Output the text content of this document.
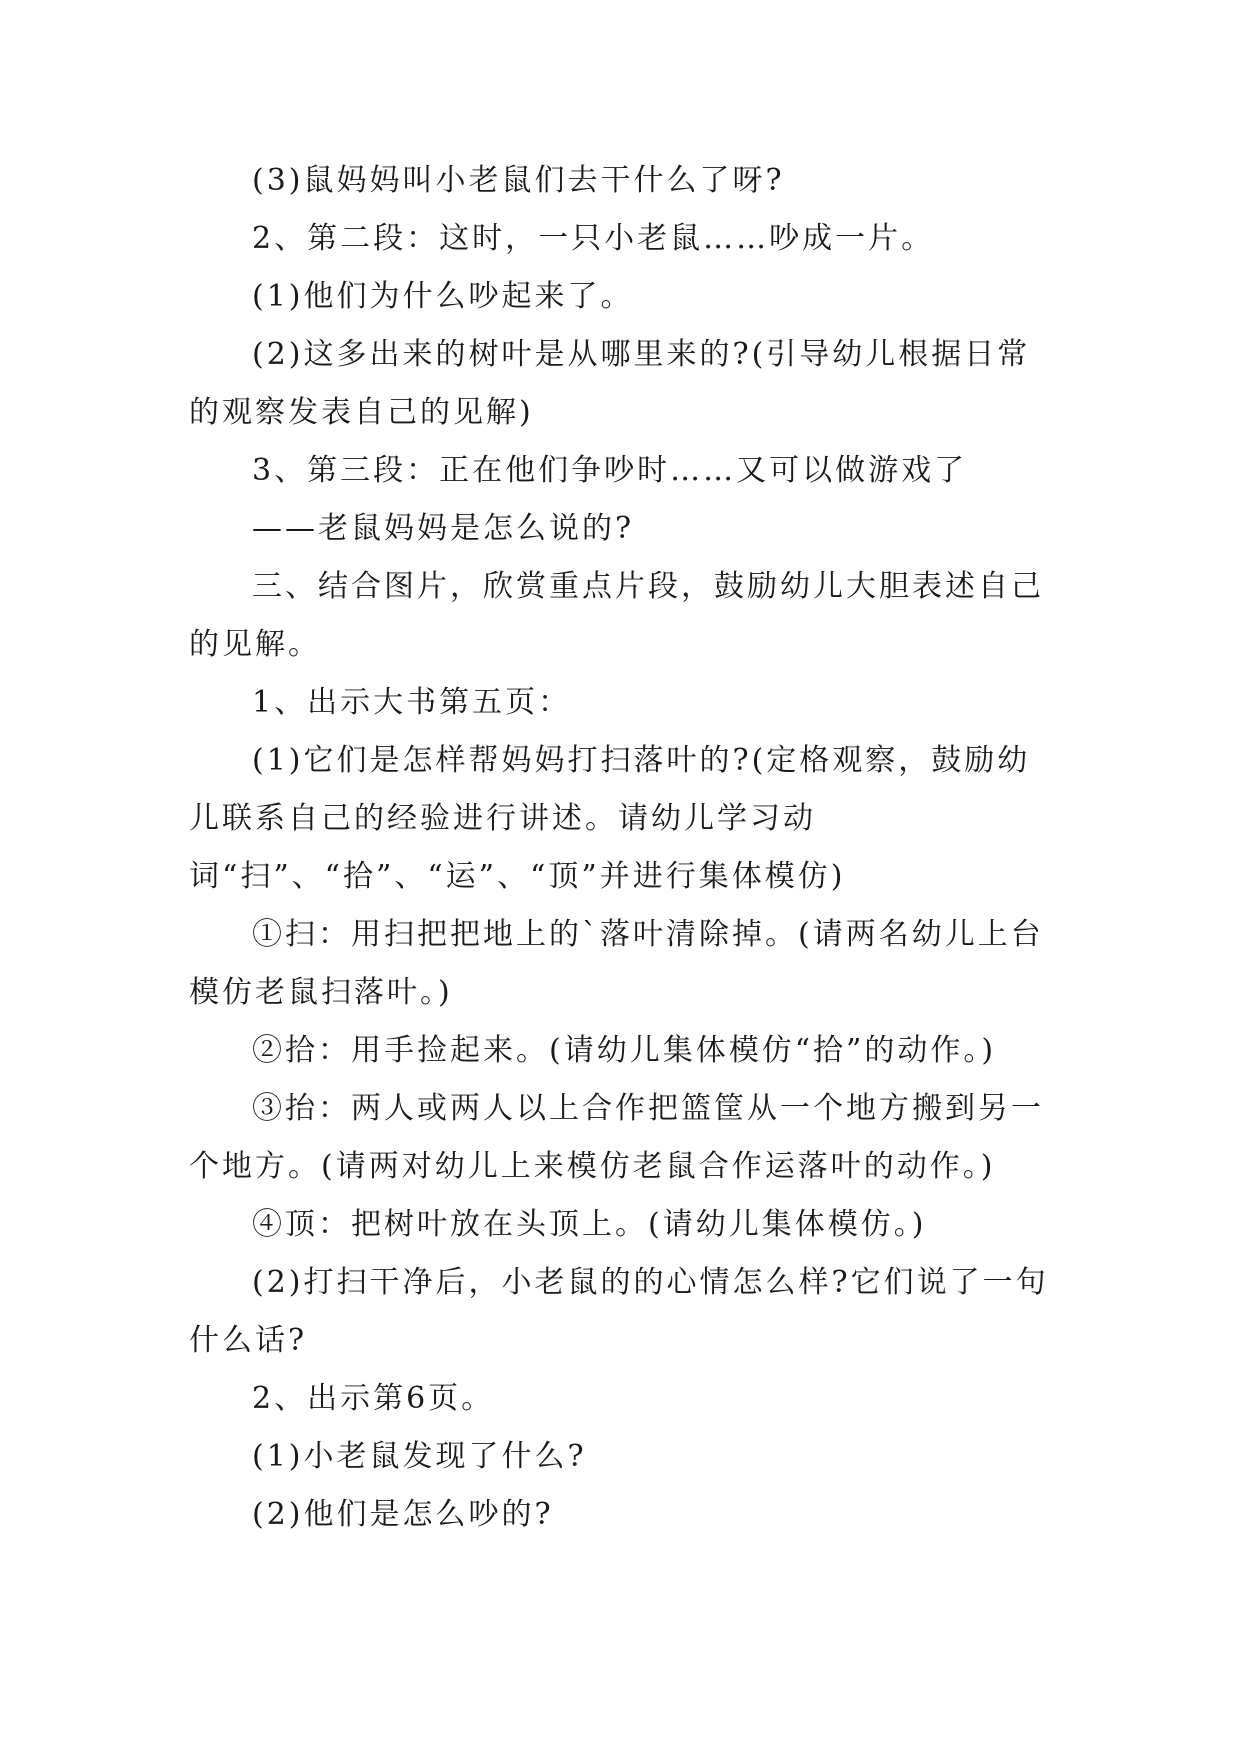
(3)鼠妈妈叫小老鼠们去干什么了呀?

2、第二段：这时，一只小老鼠……吵成一片。

(1)他们为什么吵起来了。

(2)这多出来的树叶是从哪里来的?(引导幼儿根据日常的观察发表自己的见解)

3、第三段：正在他们争吵时……又可以做游戏了

——老鼠妈妈是怎么说的?

三、结合图片，欣赏重点片段，鼓励幼儿大胆表述自己的见解。

1、出示大书第五页：

(1)它们是怎样帮妈妈打扫落叶的?(定格观察，鼓励幼儿联系自己的经验进行讲述。请幼儿学习动词“扫”、“拾”、“运”、“顶”并进行集体模仿)

①扫：用扫把把地上的`落叶清除掉。(请两名幼儿上台模仿老鼠扫落叶。)

②拾：用手捡起来。(请幼儿集体模仿“拾”的动作。)

③抬：两人或两人以上合作把篮筐从一个地方搬到另一个地方。(请两对幼儿上来模仿老鼠合作运落叶的动作。)

④顶：把树叶放在头顶上。(请幼儿集体模仿。)

(2)打扫干净后，小老鼠的的心情怎么样?它们说了一句什么话?

2、出示第6页。

(1)小老鼠发现了什么?

(2)他们是怎么吵的?
